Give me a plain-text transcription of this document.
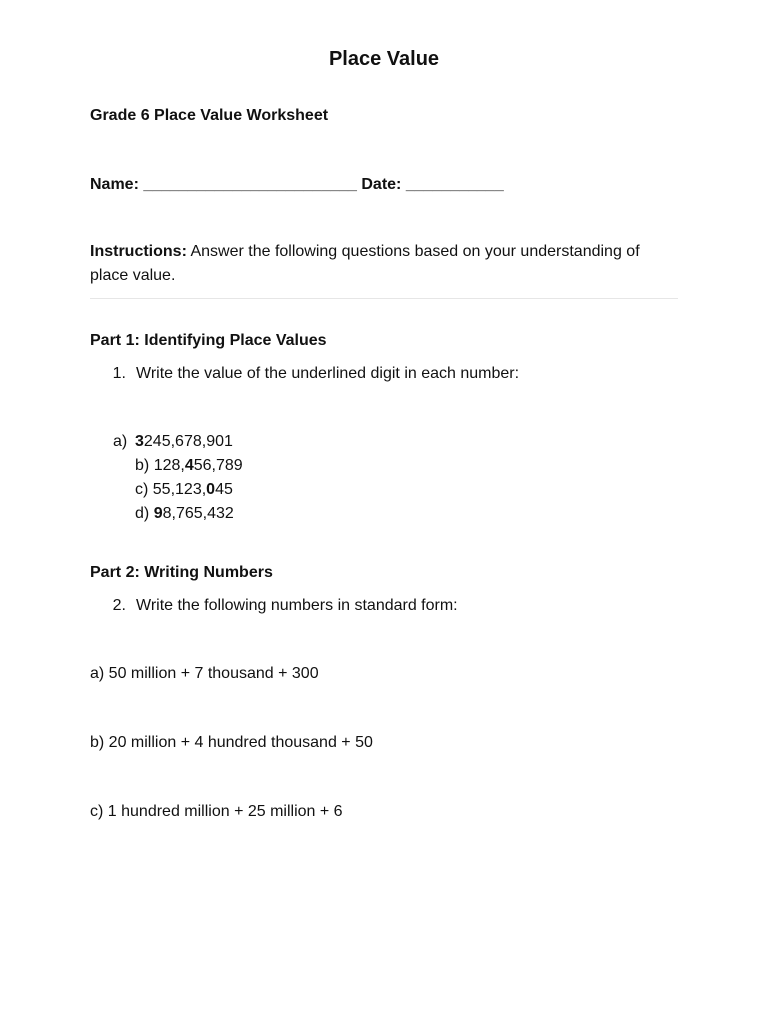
Place Value
Grade 6 Place Value Worksheet
Name: ________________________ Date: ___________
Instructions: Answer the following questions based on your understanding of place value.
Part 1: Identifying Place Values
1. Write the value of the underlined digit in each number:
a) 3245,678,901
b) 128,456,789
c) 55,123,045
d) 98,765,432
Part 2: Writing Numbers
2. Write the following numbers in standard form:
a) 50 million + 7 thousand + 300
b) 20 million + 4 hundred thousand + 50
c) 1 hundred million + 25 million + 6
